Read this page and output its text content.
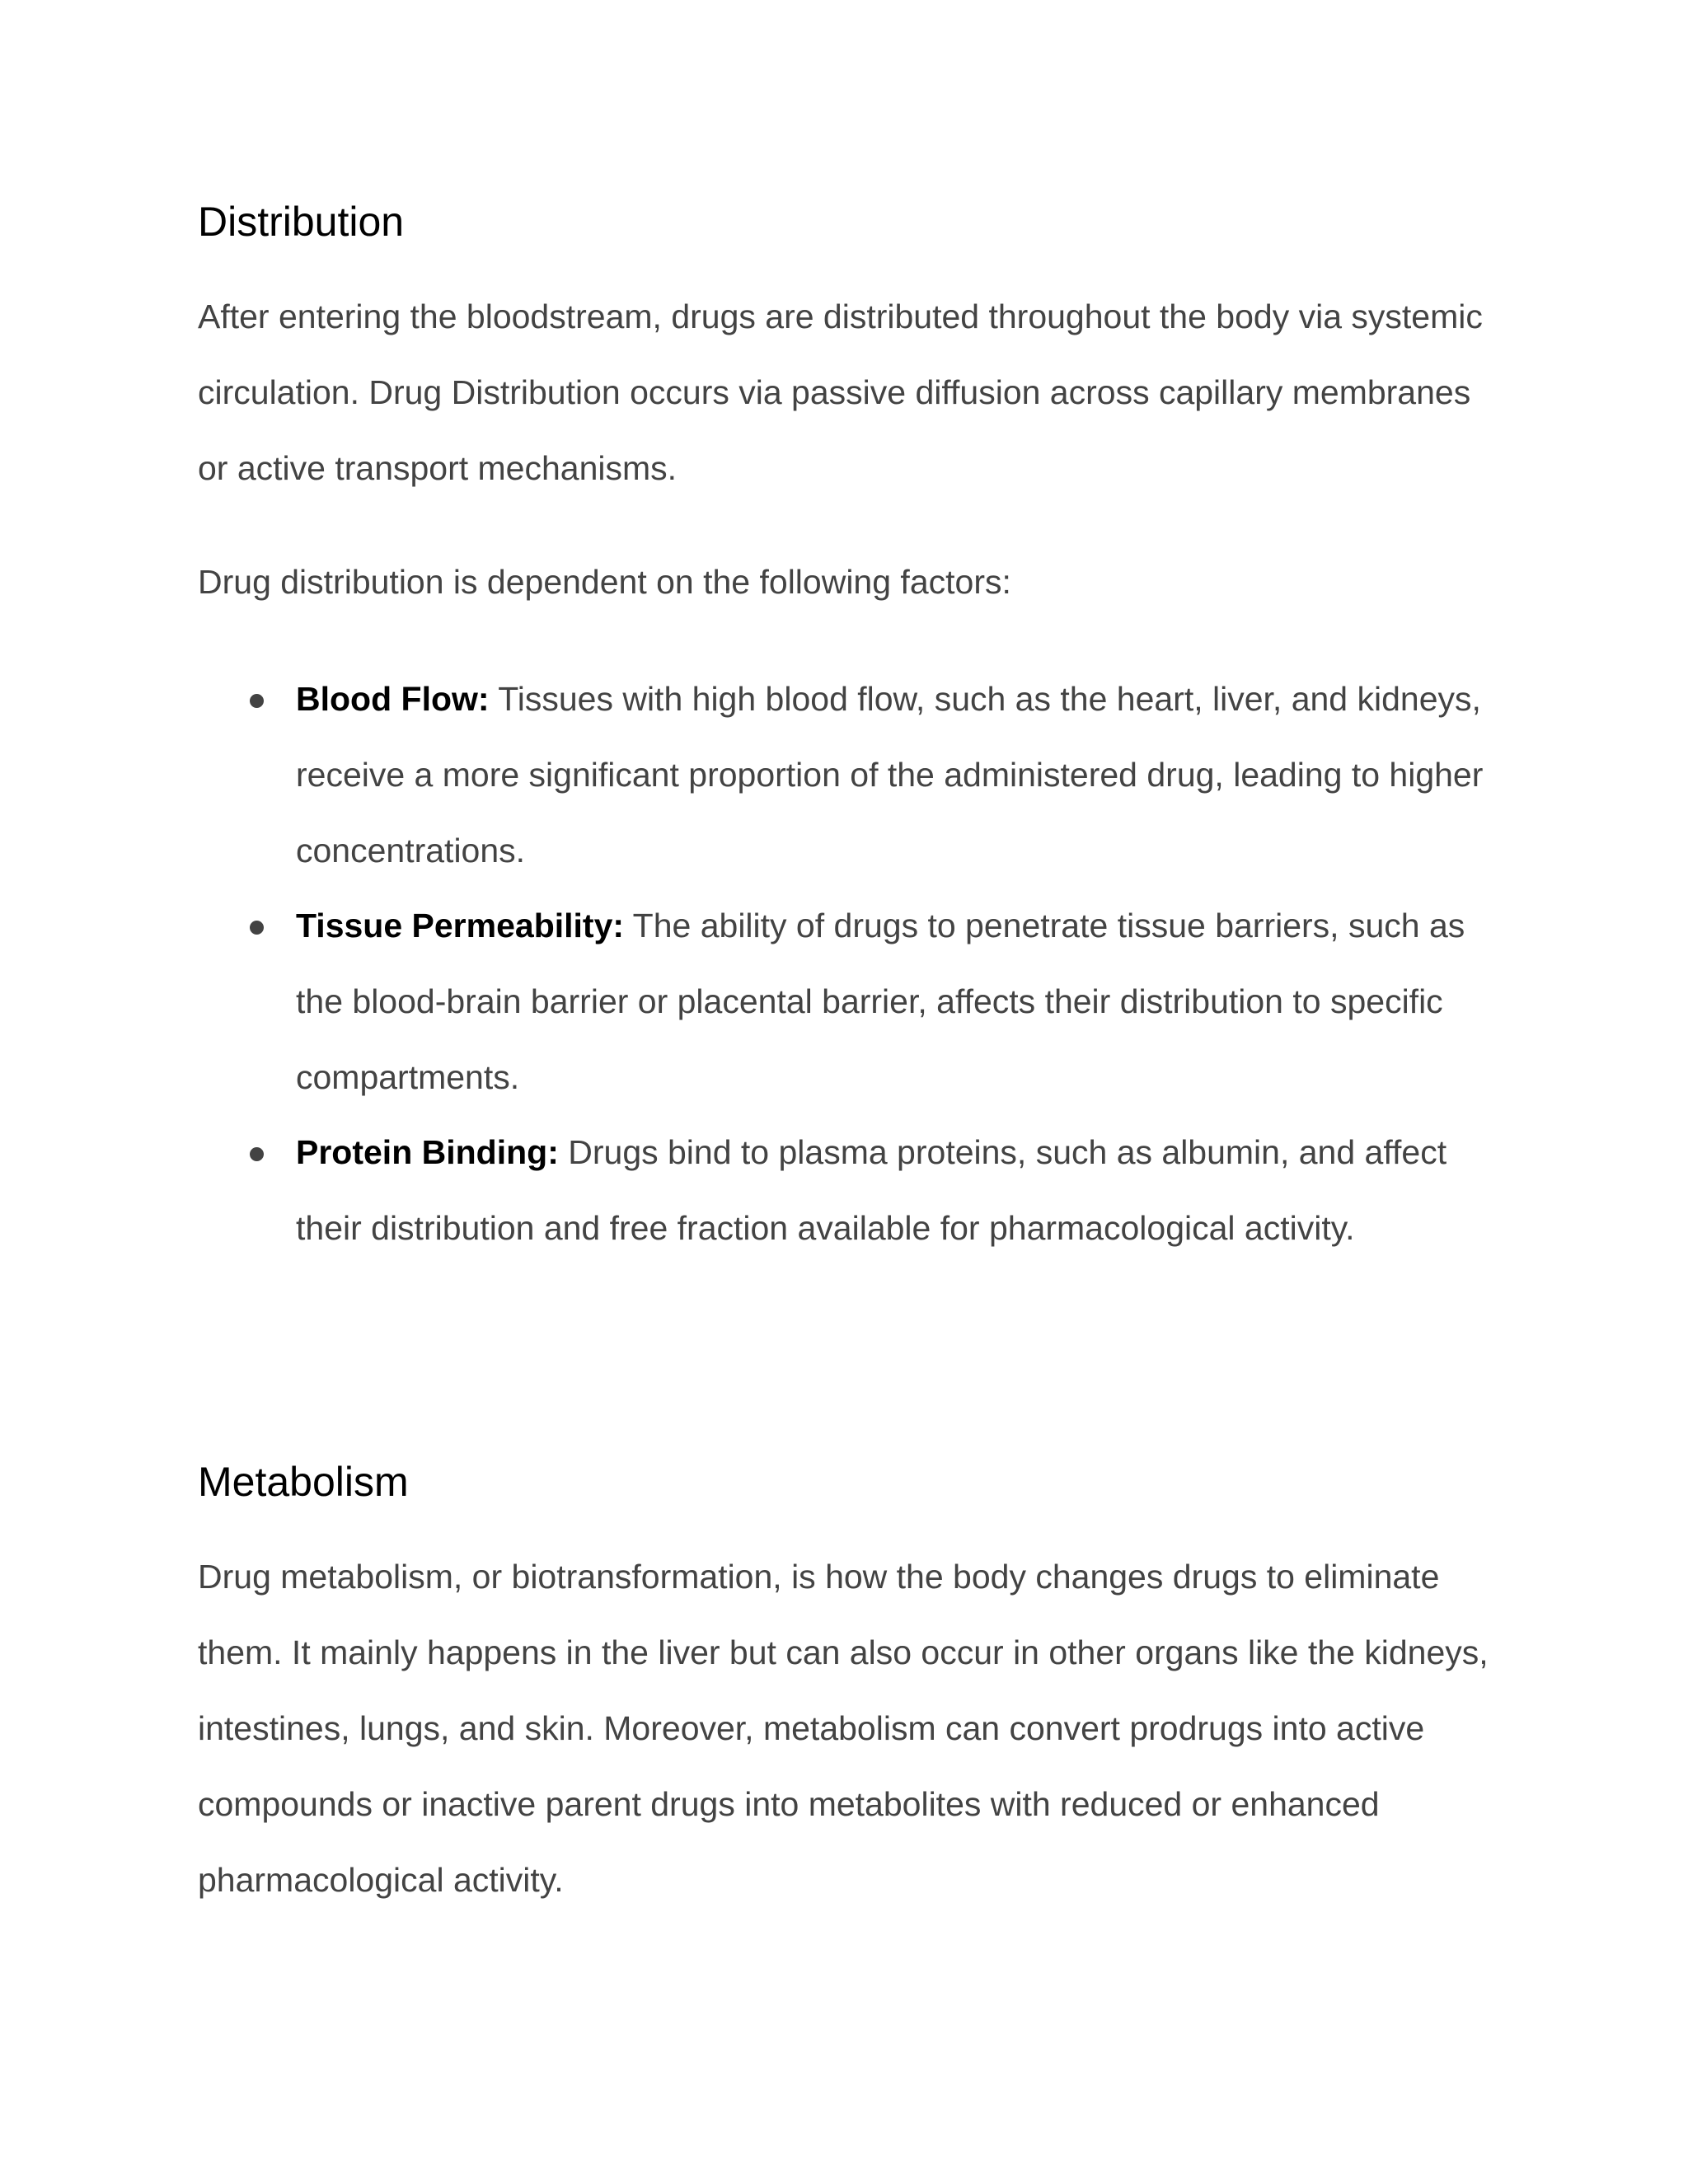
Distribution

After entering the bloodstream, drugs are distributed throughout the body via systemic circulation. Drug Distribution occurs via passive diffusion across capillary membranes or active transport mechanisms.

Drug distribution is dependent on the following factors:

Blood Flow: Tissues with high blood flow, such as the heart, liver, and kidneys, receive a more significant proportion of the administered drug, leading to higher concentrations.

Tissue Permeability: The ability of drugs to penetrate tissue barriers, such as the blood-brain barrier or placental barrier, affects their distribution to specific compartments.

Protein Binding: Drugs bind to plasma proteins, such as albumin, and affect their distribution and free fraction available for pharmacological activity.

Metabolism

Drug metabolism, or biotransformation, is how the body changes drugs to eliminate them. It mainly happens in the liver but can also occur in other organs like the kidneys, intestines, lungs, and skin. Moreover, metabolism can convert prodrugs into active compounds or inactive parent drugs into metabolites with reduced or enhanced pharmacological activity.
